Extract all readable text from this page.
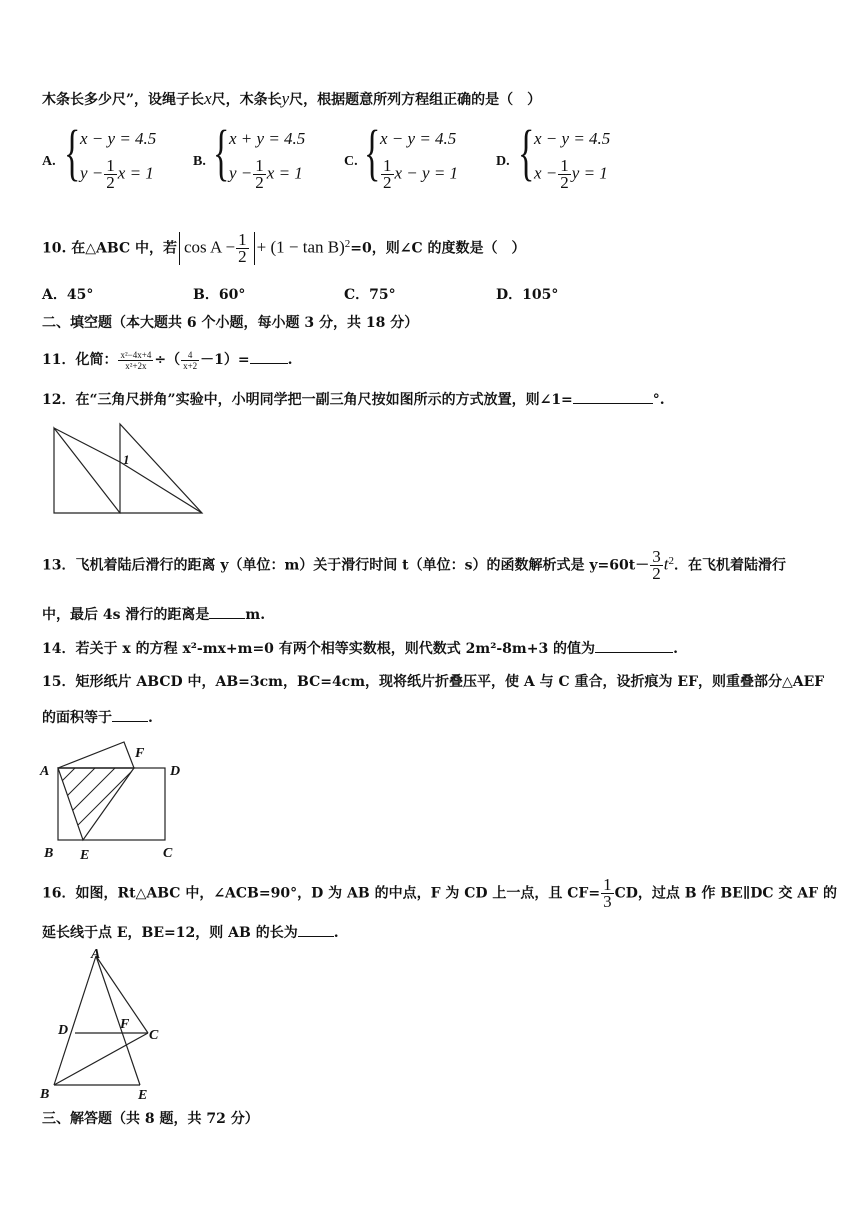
木条长多少尺”，设绳子长x尺，木条长y尺，根据题意所列方程组正确的是（　）
A. { x − y = 4.5
$y - \frac{1}{2}$ x = 1
B. { x + y = 4.5
$y - \frac{1}{2}$ x = 1
C. { x − y = 4.5
$\frac{1}{2}$ x − y = 1
D. { x − y = 4.5
$x - \frac{1}{2}$ y = 1
10. 在△ABC 中，若 $\cos A - \frac{1}{2} + (1 - \tan B)^2=0$，则∠C 的度数是（　）
A．45°	B．60°	C．75°	D．105°
二、填空题（本大题共 6 个小题，每小题 3 分，共 18 分）
11．化简： $\frac{\text{x²−4x+4}}{\text{x²+2x}}$ ÷（ $\frac{4}{x+2} -1)=$	.
12．在“三角尺拼角”实验中，小明同学把一副三角尺按如图所示的方式放置，则∠1=	°.
1
13．飞机着陆后滑行的距离 y（单位：m）关于滑行时间 t（单位：s）的函数解析式是 $y=60t- \frac{3}{2} t^2$．在飞机着陆滑行
中，最后 4s 滑行的距离是	m.
14．若关于 x 的方程 x²-mx+m=0 有两个相等实数根，则代数式 2m²-8m+3 的值为	.
15．矩形纸片 ABCD 中，AB=3cm，BC=4cm，现将纸片折叠压平，使 A 与 C 重合，设折痕为 EF，则重叠部分△AEF
的面积等于	.
A
F
D
B E	C
16．如图，Rt△ABC 中，∠ACB=90°，D 为 AB 的中点，F 为 CD 上一点，且 $CF= \frac{1}{3}$ CD，过点 B 作 BE∥DC 交 AF 的
延长线于点 E，BE=12，则 AB 的长为	.
A
D	F
C
B	E
三、解答题（共 8 题，共 72 分）
